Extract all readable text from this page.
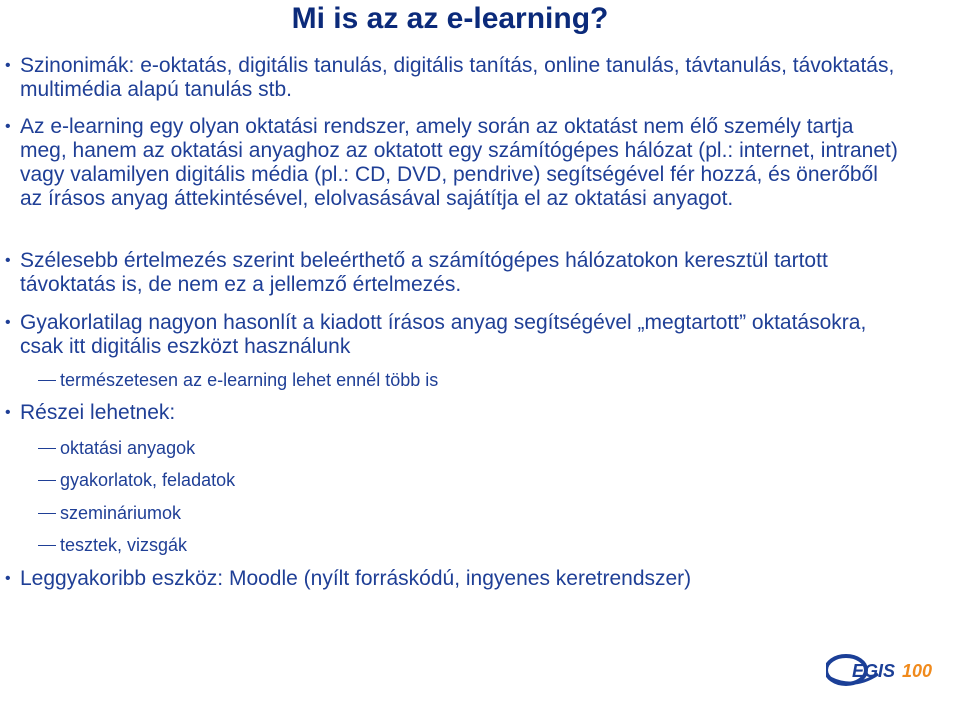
Mi is az az e-learning?
• Szinonimák: e-oktatás, digitális tanulás, digitális tanítás, online tanulás, távtanulás, távoktatás, multimédia alapú tanulás stb.
• Az e-learning egy olyan oktatási rendszer, amely során az oktatást nem élő személy tartja meg, hanem az oktatási anyaghoz az oktatott egy számítógépes hálózat (pl.: internet, intranet) vagy valamilyen digitális média (pl.: CD, DVD, pendrive) segítségével fér hozzá, és önerőből az írásos anyag áttekintésével, elolvasásával sajátítja el az oktatási anyagot.
• Szélesebb értelmezés szerint beleérthető a számítógépes hálózatokon keresztül tartott távoktatás is, de nem ez a jellemző értelmezés.
• Gyakorlatilag nagyon hasonlít a kiadott írásos anyag segítségével „megtartott” oktatásokra, csak itt digitális eszközt használunk
természetesen az e-learning lehet ennél több is
• Részei lehetnek:
oktatási anyagok
gyakorlatok, feladatok
szemináriumok
tesztek, vizsgák
• Leggyakoribb eszköz: Moodle (nyílt forráskódú, ingyenes keretrendszer)
EGIS 100
